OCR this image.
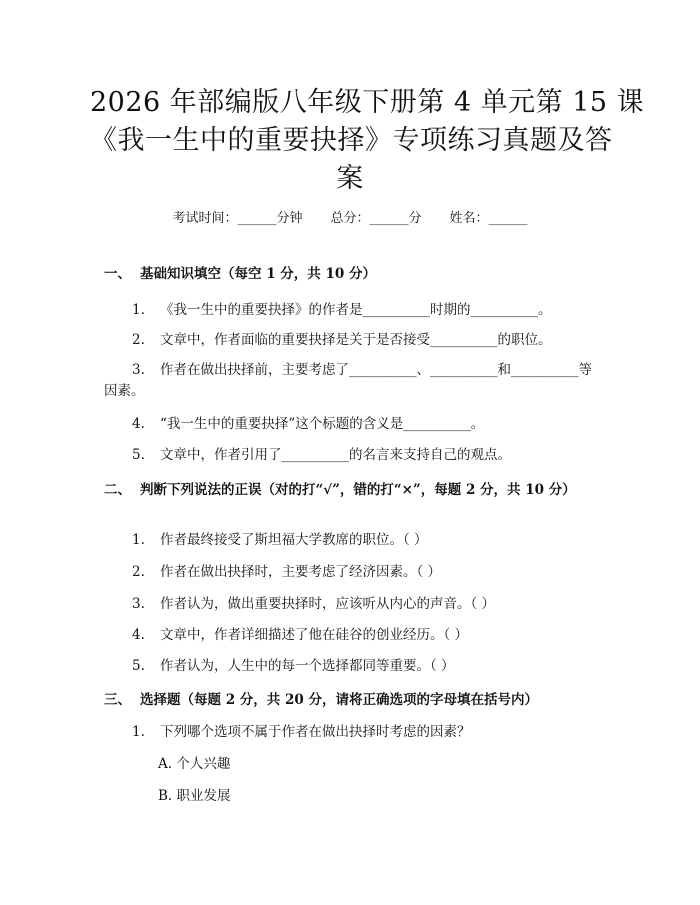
2026 年部编版八年级下册第 4 单元第 15 课
《我一生中的重要抉择》专项练习真题及答
案
考试时间：______分钟 总分：______分 姓名：______
一、 基础知识填空（每空 1 分，共 10 分）
1. 《我一生中的重要抉择》的作者是__________时期的__________。
2. 文章中，作者面临的重要抉择是关于是否接受__________的职位。
3. 作者在做出抉择前，主要考虑了__________、__________和__________等因素。
4. “我一生中的重要抉择”这个标题的含义是__________。
5. 文章中，作者引用了__________的名言来支持自己的观点。
二、 判断下列说法的正误（对的打“√”，错的打“×”，每题 2 分，共 10 分）
1. 作者最终接受了斯坦福大学教席的职位。（ ）
2. 作者在做出抉择时，主要考虑了经济因素。（ ）
3. 作者认为，做出重要抉择时，应该听从内心的声音。（ ）
4. 文章中，作者详细描述了他在硅谷的创业经历。（ ）
5. 作者认为，人生中的每一个选择都同等重要。（ ）
三、 选择题（每题 2 分，共 20 分，请将正确选项的字母填在括号内）
1. 下列哪个选项不属于作者在做出抉择时考虑的因素？
A. 个人兴趣
B. 职业发展
